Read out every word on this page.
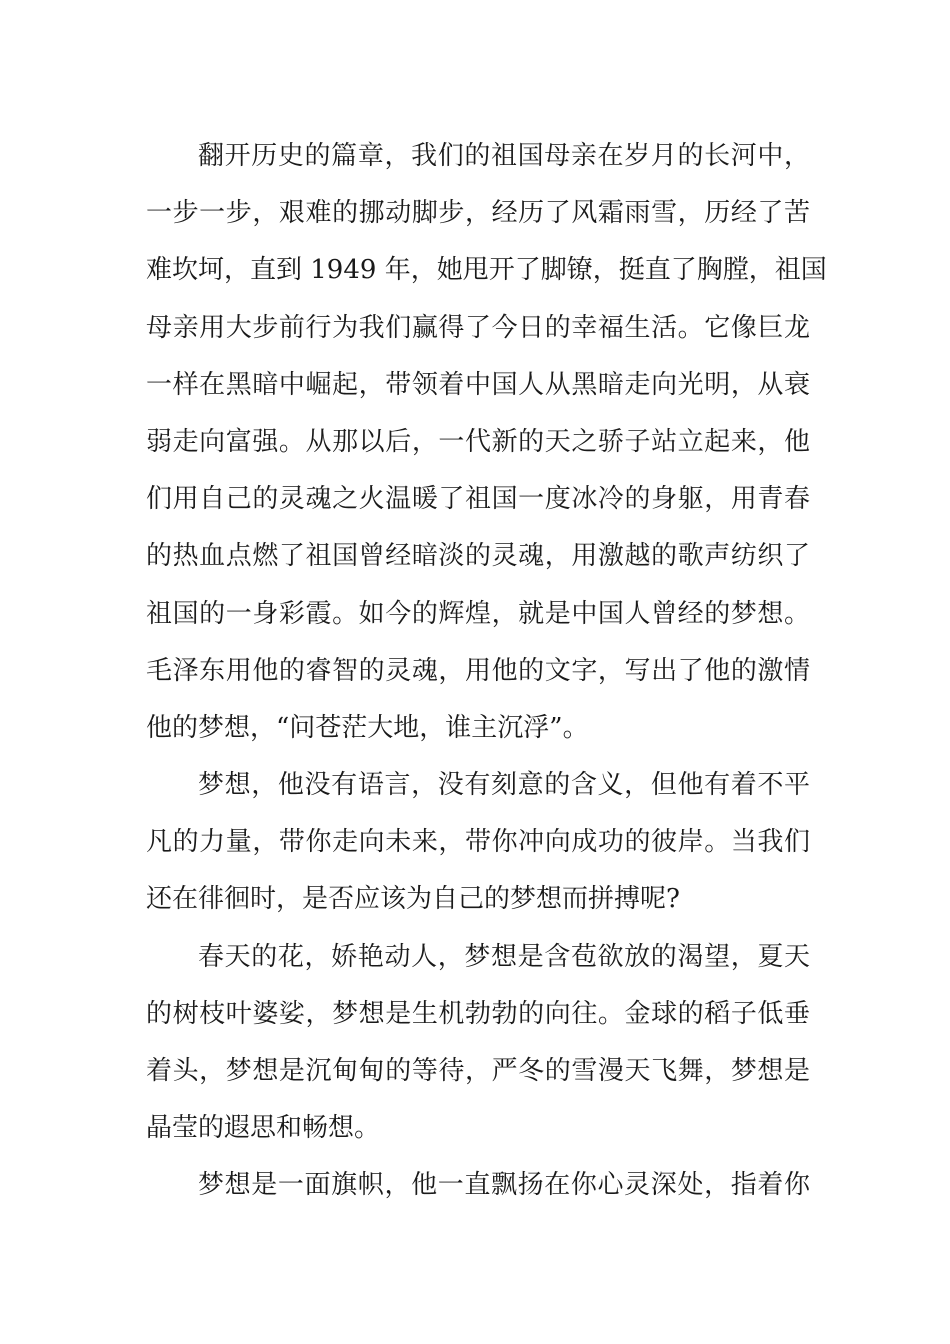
翻开历史的篇章，我们的祖国母亲在岁月的长河中，
一步一步，艰难的挪动脚步，经历了风霜雨雪，历经了苦
难坎坷，直到 1949 年，她甩开了脚镣，挺直了胸膛，祖国
母亲用大步前行为我们赢得了今日的幸福生活。它像巨龙
一样在黑暗中崛起，带领着中国人从黑暗走向光明，从衰
弱走向富强。从那以后，一代新的天之骄子站立起来，他
们用自己的灵魂之火温暖了祖国一度冰冷的身躯，用青春
的热血点燃了祖国曾经暗淡的灵魂，用激越的歌声纺织了
祖国的一身彩霞。如今的辉煌，就是中国人曾经的梦想。
毛泽东用他的睿智的灵魂，用他的文字，写出了他的激情
他的梦想，“问苍茫大地，谁主沉浮”。
梦想，他没有语言，没有刻意的含义，但他有着不平
凡的力量，带你走向未来，带你冲向成功的彼岸。当我们
还在徘徊时，是否应该为自己的梦想而拼搏呢?
春天的花，娇艳动人，梦想是含苞欲放的渴望，夏天
的树枝叶婆娑，梦想是生机勃勃的向往。金球的稻子低垂
着头，梦想是沉甸甸的等待，严冬的雪漫天飞舞，梦想是
晶莹的遐思和畅想。
梦想是一面旗帜，他一直飘扬在你心灵深处，指着你
